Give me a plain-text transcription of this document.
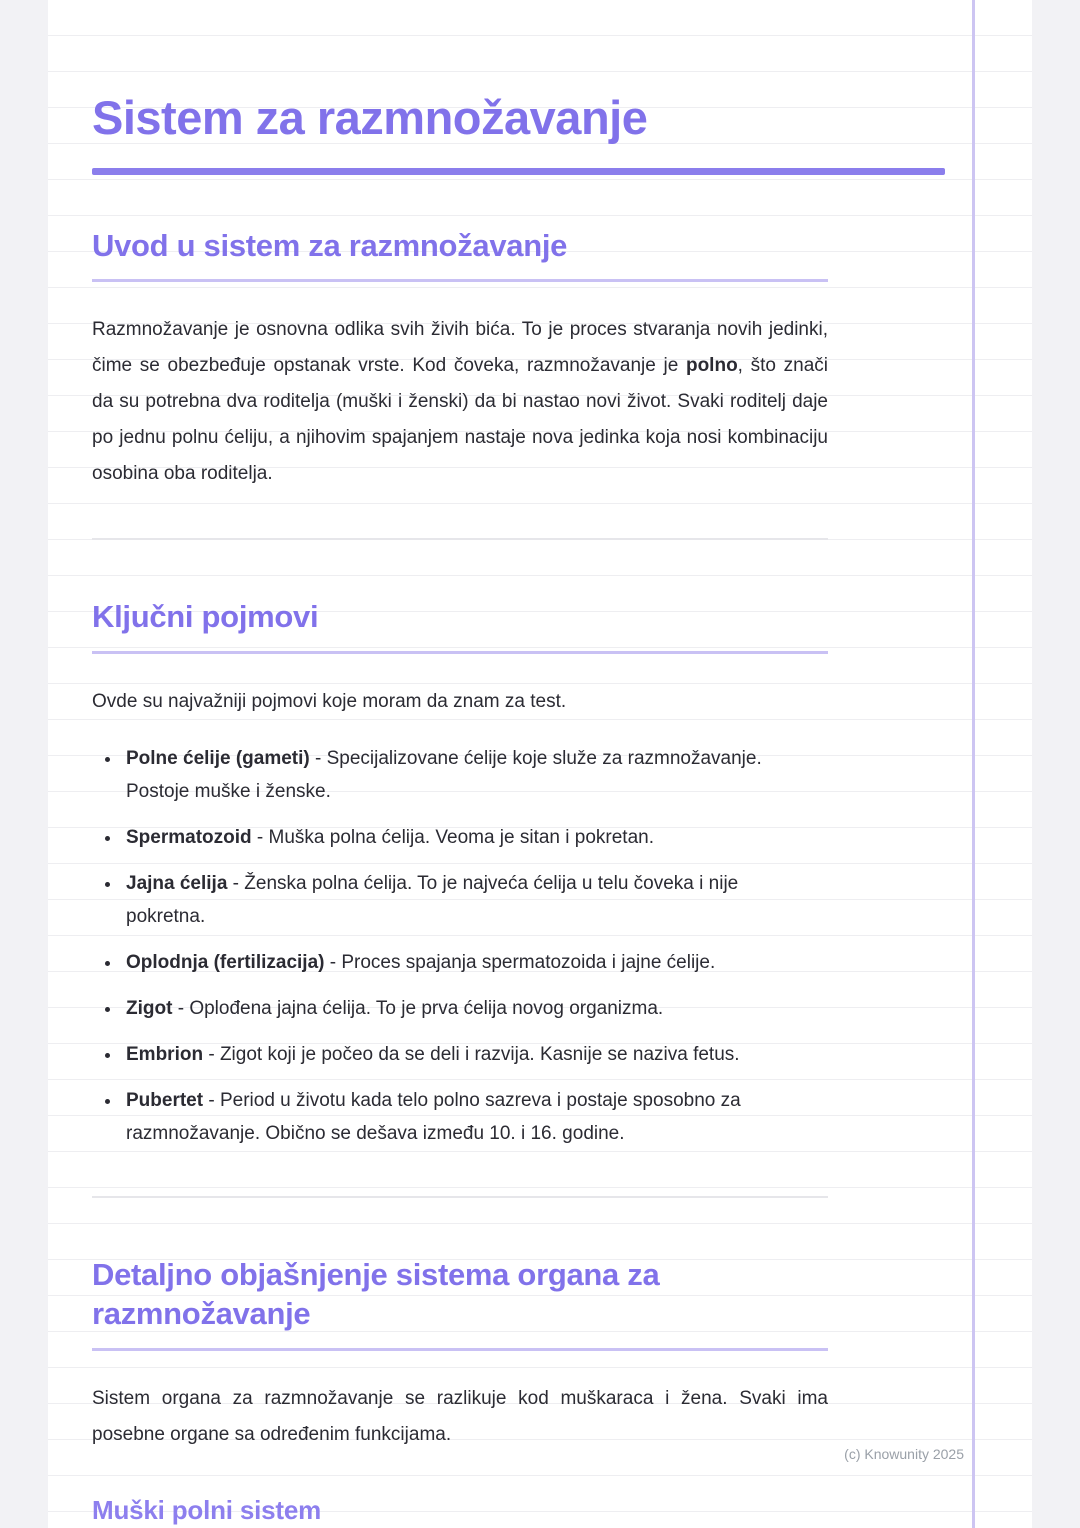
Sistem za razmnožavanje
Uvod u sistem za razmnožavanje

Razmnožavanje je osnovna odlika svih živih bića. To je proces stvaranja novih jedinki, čime se obezbeđuje opstanak vrste. Kod čoveka, razmnožavanje je polno, što znači da su potrebna dva roditelja (muški i ženski) da bi nastao novi život. Svaki roditelj daje po jednu polnu ćeliju, a njihovim spajanjem nastaje nova jedinka koja nosi kombinaciju osobina oba roditelja.

Ključni pojmovi

Ovde su najvažniji pojmovi koje moram da znam za test.

• Polne ćelije (gameti) - Specijalizovane ćelije koje služe za razmnožavanje. Postoje muške i ženske.
• Spermatozoid - Muška polna ćelija. Veoma je sitan i pokretan.
• Jajna ćelija - Ženska polna ćelija. To je najveća ćelija u telu čoveka i nije pokretna.
• Oplodnja (fertilizacija) - Proces spajanja spermatozoida i jajne ćelije.
• Zigot - Oplođena jajna ćelija. To je prva ćelija novog organizma.
• Embrion - Zigot koji je počeo da se deli i razvija. Kasnije se naziva fetus.
• Pubertet - Period u životu kada telo polno sazreva i postaje sposobno za razmnožavanje. Obično se dešava između 10. i 16. godine.
Detaljno objašnjenje sistema organa za razmnožavanje

Sistem organa za razmnožavanje se razlikuje kod muškaraca i žena. Svaki ima posebne organe sa određenim funkcijama.

Muški polni sistem
(c) Knowunity 2025
